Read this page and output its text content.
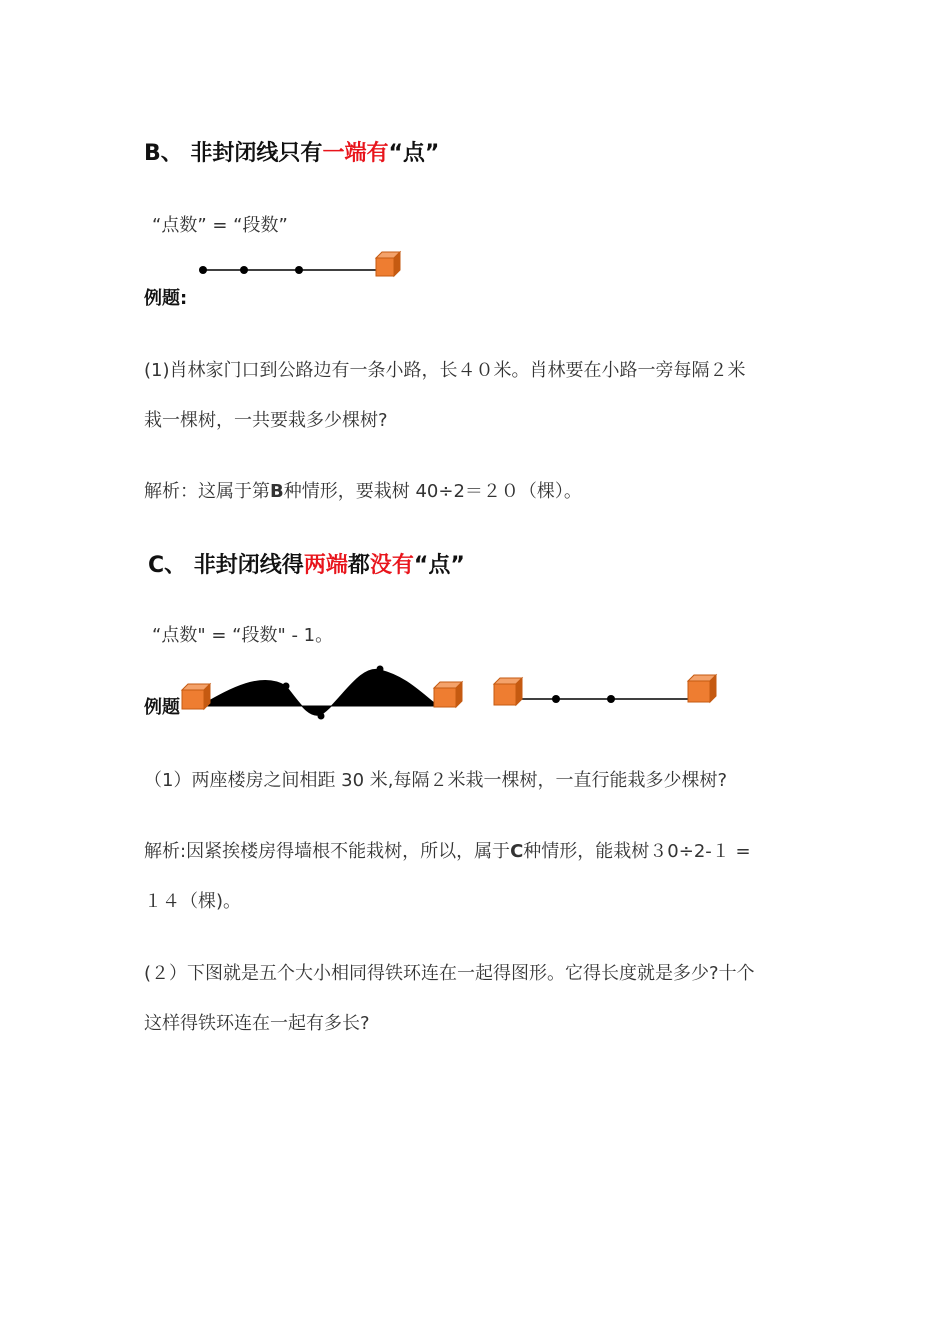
B、 非封闭线只有一端有“点”
“点数” = “段数”
例题:
(1)肖林家门口到公路边有一条小路，长４０米。肖林要在小路一旁每隔２米
栽一棵树，一共要栽多少棵树?
解析：这属于第B种情形，要栽树 40÷2＝２０（棵）。
C、 非封闭线得两端都没有“点”
“点数" = “段数" - 1。
例题
（1）两座楼房之间相距 30 米,每隔２米栽一棵树，一直行能栽多少棵树?
解析:因紧挨楼房得墙根不能栽树，所以，属于C种情形，能栽树３0÷2-１ =
１４（棵)。
(２）下图就是五个大小相同得铁环连在一起得图形。它得长度就是多少?十个
这样得铁环连在一起有多长?
